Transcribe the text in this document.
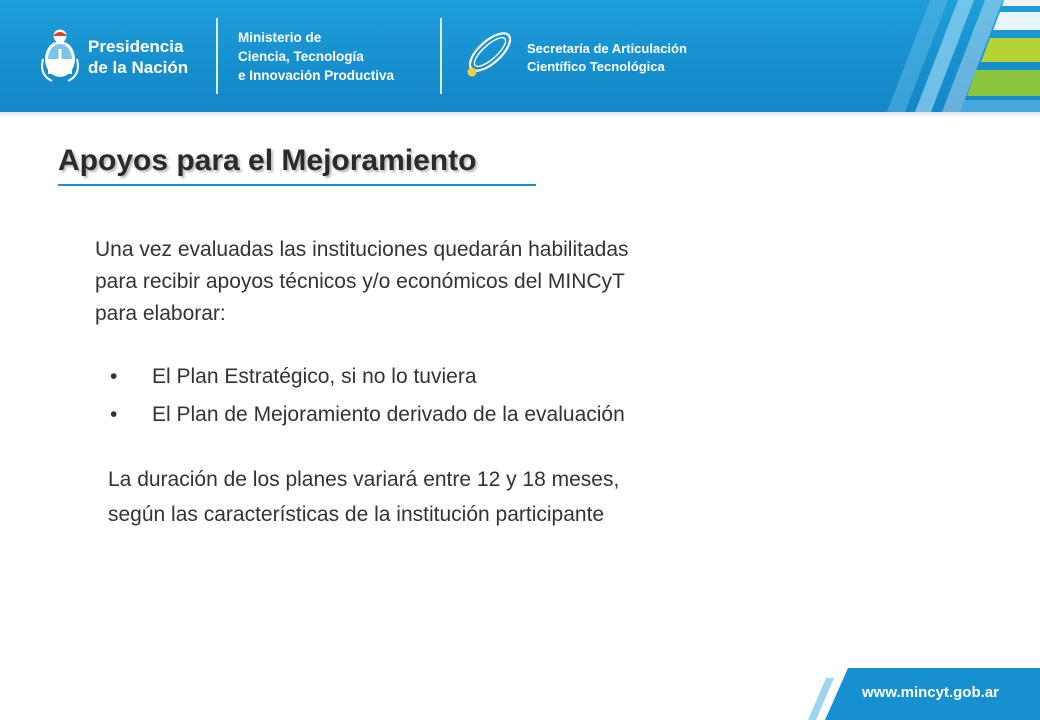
Presidencia
de la Nación
Ministerio de
Ciencia, Tecnología
e Innovación Productiva
Secretaría de Articulación
Científico Tecnológica
Apoyos para el Mejoramiento
Una vez evaluadas las instituciones quedarán habilitadas
para recibir apoyos técnicos y/o económicos del MINCyT
para elaborar:
• El Plan Estratégico, si no lo tuviera
• El Plan de Mejoramiento derivado de la evaluación
La duración de los planes variará entre 12 y 18 meses,
según las características de la institución participante
www.mincyt.gob.ar
